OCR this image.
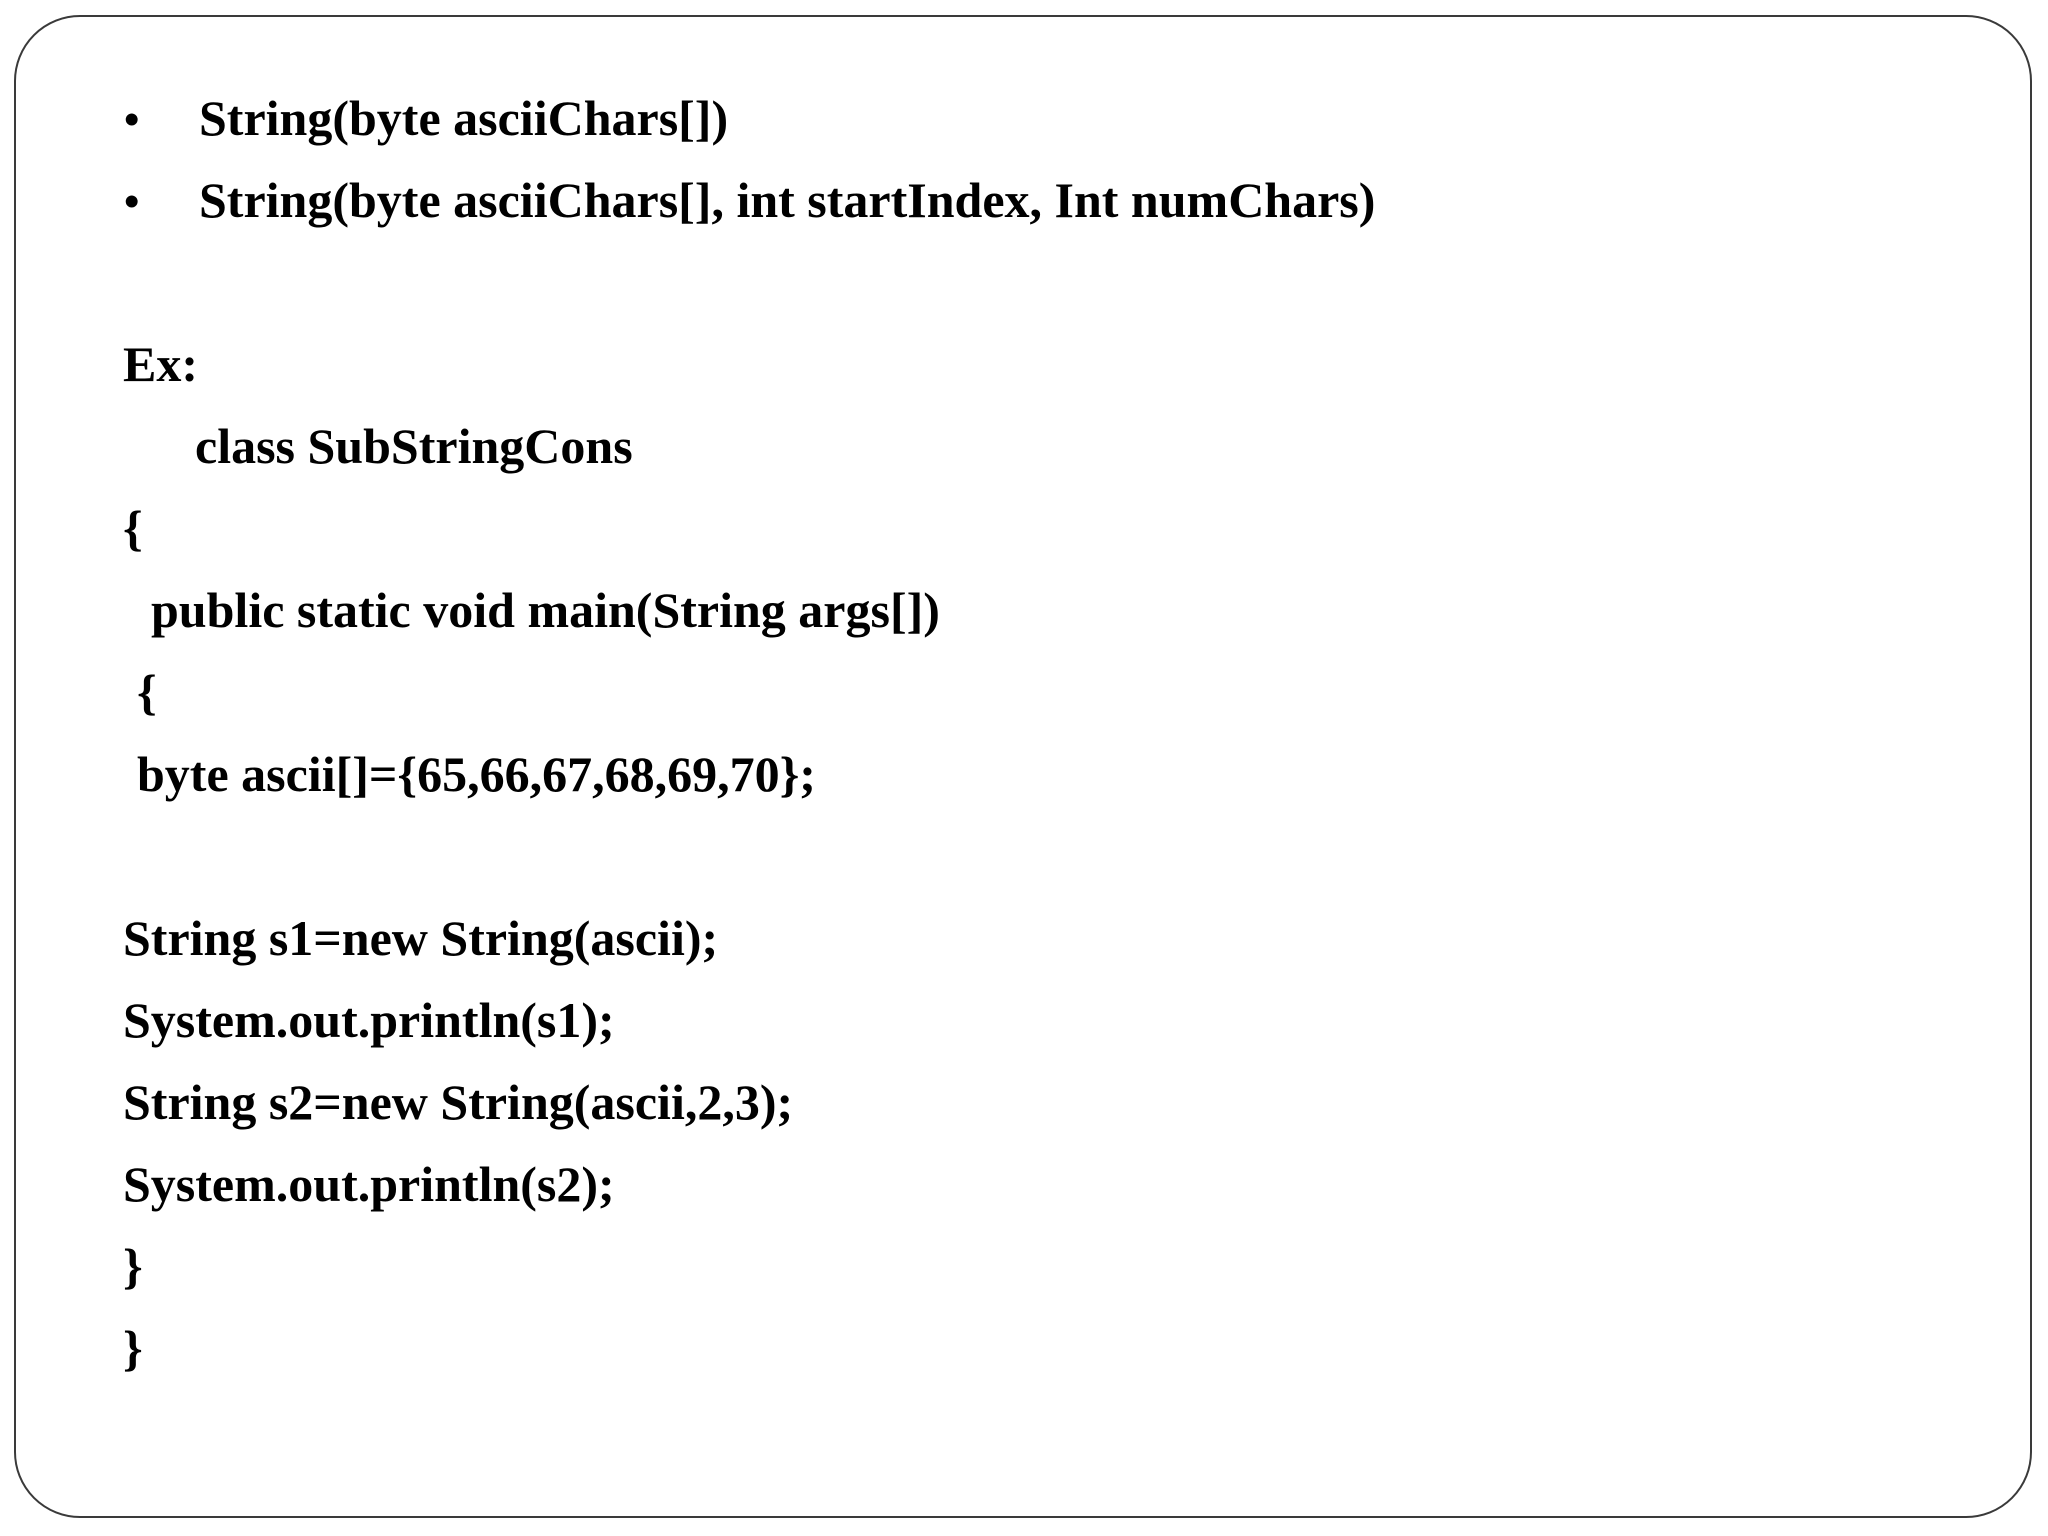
• String(byte asciiChars[])
• String(byte asciiChars[], int startIndex, Int numChars)
Ex:
class SubStringCons
{
public static void main(String args[])
{
byte ascii[]={65,66,67,68,69,70};
String s1=new String(ascii);
System.out.println(s1);
String s2=new String(ascii,2,3);
System.out.println(s2);
}
}
